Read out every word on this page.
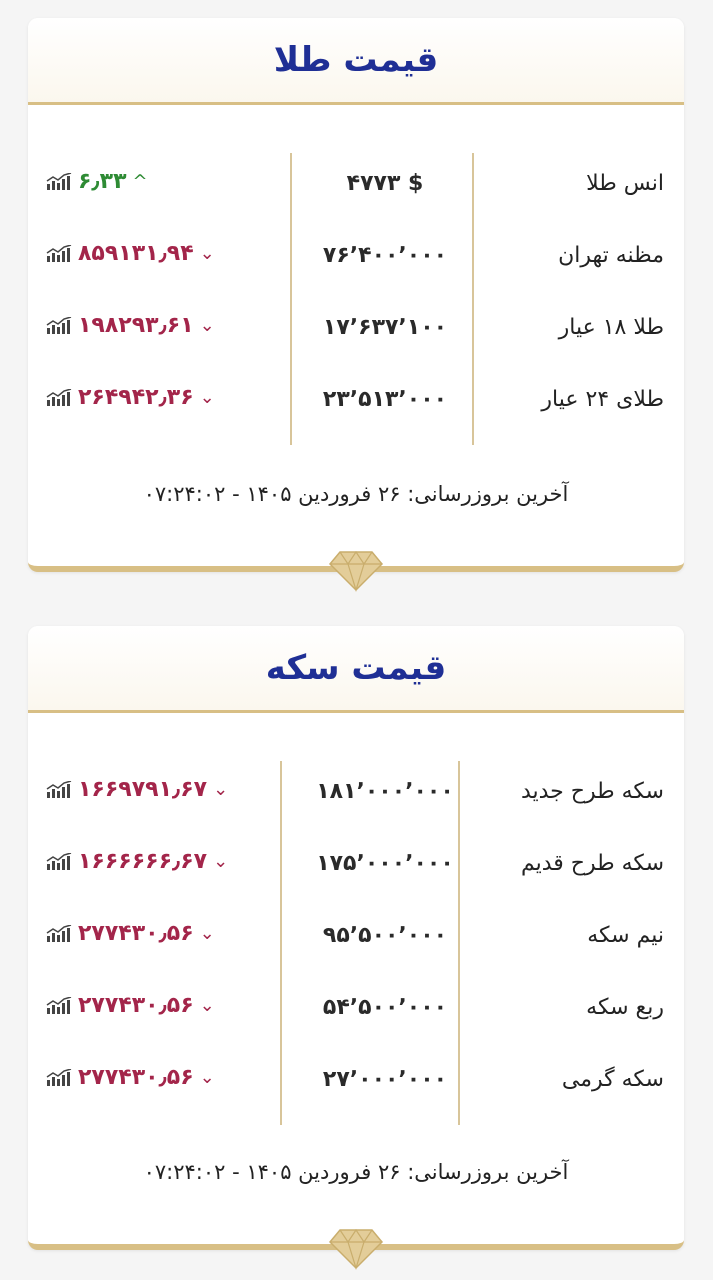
قیمت طلا
انس طلا
۴۷۷۳ $
۶٫۳۳ ^
مظنه تهران
۷۶٬۴۰۰٬۰۰۰
۸۵۹۱۳۱٫۹۴ ⌄
طلا ۱۸ عیار
۱۷٬۶۳۷٬۱۰۰
۱۹۸۲۹۳٫۶۱ ⌄
طلای ۲۴ عیار
۲۳٬۵۱۳٬۰۰۰
۲۶۴۹۴۲٫۳۶ ⌄
آخرین بروزرسانی: ۲۶ فروردین ۱۴۰۵ - ۰۷:۲۴:۰۲
قیمت سکه
سکه طرح جدید
۱۸۱٬۰۰۰٬۰۰۰
۱۶۶۹۷۹۱٫۶۷ ⌄
سکه طرح قدیم
۱۷۵٬۰۰۰٬۰۰۰
۱۶۶۶۶۶۶٫۶۷ ⌄
نیم سکه
۹۵٬۵۰۰٬۰۰۰
۲۷۷۴۳۰٫۵۶ ⌄
ربع سکه
۵۴٬۵۰۰٬۰۰۰
۲۷۷۴۳۰٫۵۶ ⌄
سکه گرمی
۲۷٬۰۰۰٬۰۰۰
۲۷۷۴۳۰٫۵۶ ⌄
آخرین بروزرسانی: ۲۶ فروردین ۱۴۰۵ - ۰۷:۲۴:۰۲
